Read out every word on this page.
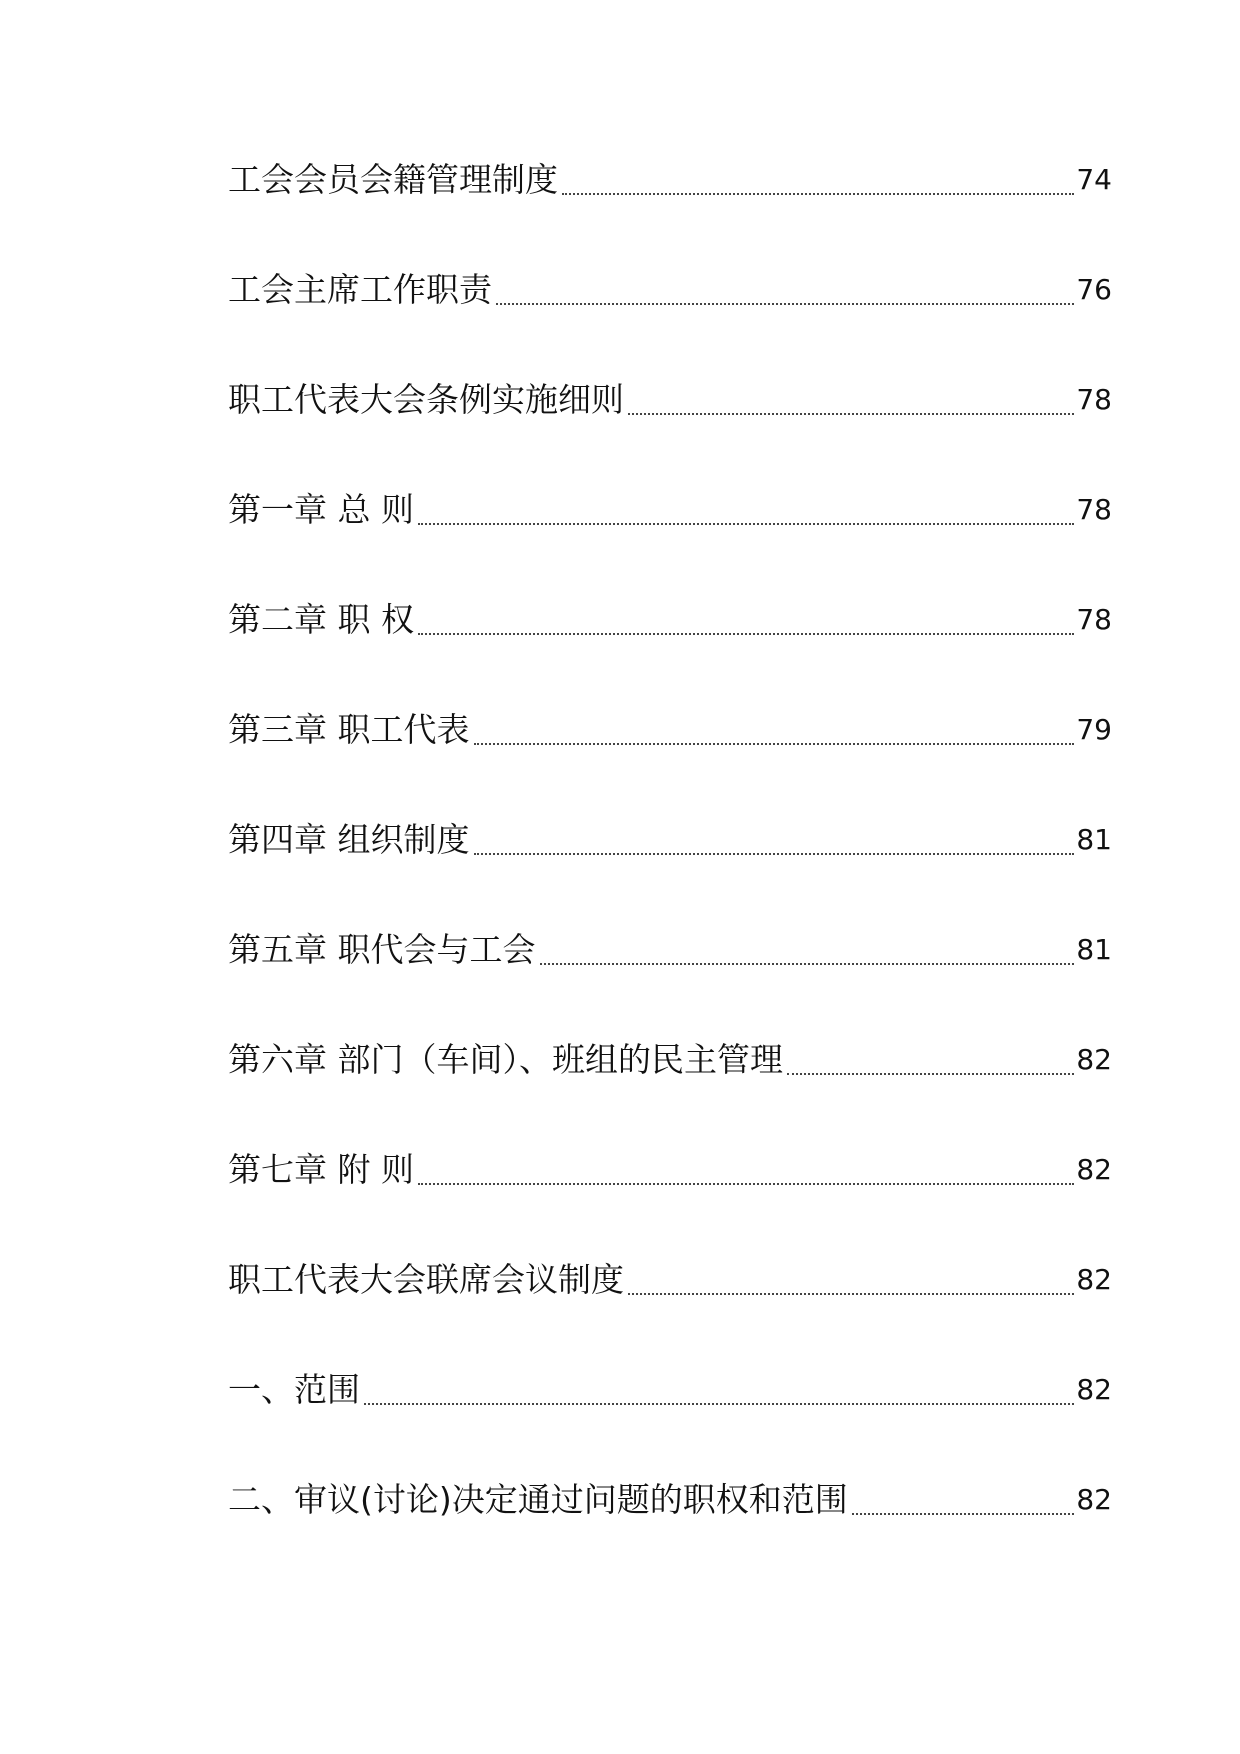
工会会员会籍管理制度	74
工会主席工作职责	76
职工代表大会条例实施细则	78
第一章 总 则	78
第二章 职 权	78
第三章 职工代表	79
第四章 组织制度	81
第五章 职代会与工会	81
第六章 部门（车间）、班组的民主管理	82
第七章 附 则	82
职工代表大会联席会议制度	82
一、范围	82
二、审议(讨论)决定通过问题的职权和范围	82
